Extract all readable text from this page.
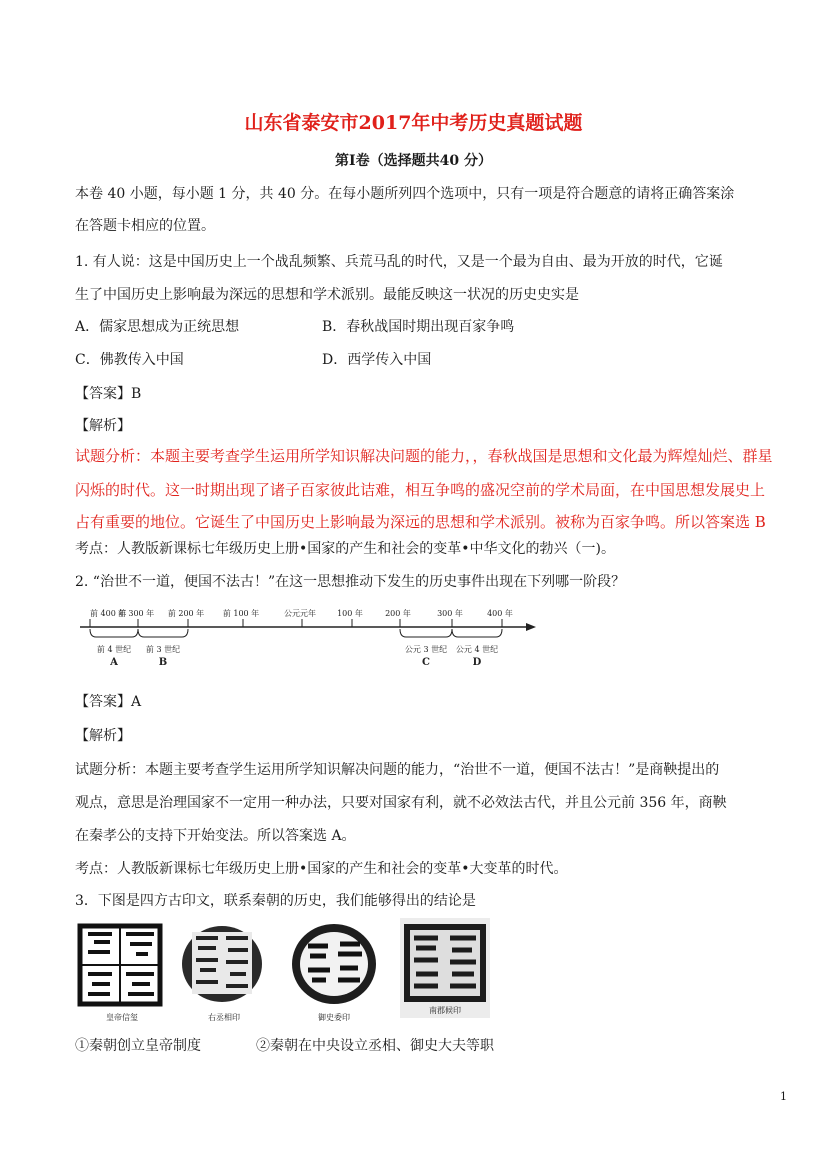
山东省泰安市2017年中考历史真题试题
第Ⅰ卷（选择题共40 分）
本卷 40 小题，每小题 1 分，共 40 分。在每小题所列四个选项中，只有一项是符合题意的请将正确答案涂
在答题卡相应的位置。
1. 有人说：这是中国历史上一个战乱频繁、兵荒马乱的时代，又是一个最为自由、最为开放的时代，它诞
生了中国历史上影响最为深远的思想和学术派别。最能反映这一状况的历史史实是
A．儒家思想成为正统思想	B．春秋战国时期出现百家争鸣
C．佛教传入中国	D．西学传入中国
【答案】B
【解析】
试题分析：本题主要考查学生运用所学知识解决问题的能力，，春秋战国是思想和文化最为辉煌灿烂、群星
闪烁的时代。这一时期出现了诸子百家彼此诘难，相互争鸣的盛况空前的学术局面，在中国思想发展史上
占有重要的地位。它诞生了中国历史上影响最为深远的思想和学术派别。被称为百家争鸣。所以答案选 B
考点：人教版新课标七年级历史上册•国家的产生和社会的变革•中华文化的勃兴（一)。
2. “治世不一道，便国不法古！”在这一思想推动下发生的历史事件出现在下列哪一阶段？
前 400 年
前 300 年 前 200 年 前 100 年	公元元年	100 年	200 年	300 年	400 年
前 4 世纪
A
前 3 世纪
B
公元 3 世纪
C
公元 4 世纪
D
【答案】A
【解析】
试题分析：本题主要考查学生运用所学知识解决问题的能力，“治世不一道，便国不法古！”是商鞅提出的
观点，意思是治理国家不一定用一种办法，只要对国家有利，就不必效法古代，并且公元前 356 年，商鞅
在秦孝公的支持下开始变法。所以答案选 A。
考点：人教版新课标七年级历史上册•国家的产生和社会的变革•大变革的时代。
3．下图是四方古印文，联系秦朝的历史，我们能够得出的结论是
皇帝信玺	右丞相印	御史委印
南郡候印
①秦朝创立皇帝制度	②秦朝在中央设立丞相、御史大夫等职
1
